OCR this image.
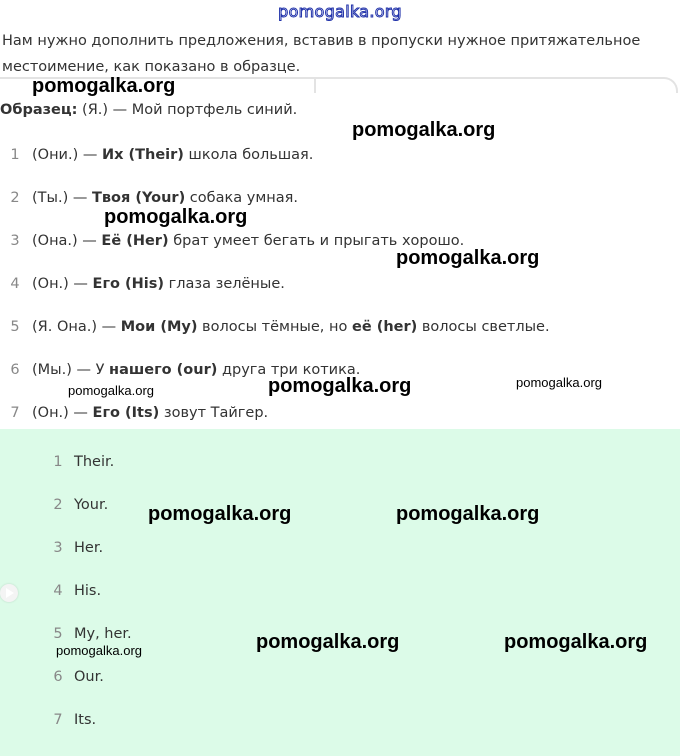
pomogalka.org
Нам нужно дополнить предложения, вставив в пропуски нужное притяжательное местоимение, как показано в образце.
Образец: (Я.) — Мой портфель синий.
1 (Они.) — Их (Their) школа большая.
2 (Ты.) — Твоя (Your) собака умная.
3 (Она.) — Её (Her) брат умеет бегать и прыгать хорошо.
4 (Он.) — Его (His) глаза зелёные.
5 (Я. Она.) — Мои (My) волосы тёмные, но её (her) волосы светлые.
6 (Мы.) — У нашего (our) друга три котика.
7 (Он.) — Его (Its) зовут Тайгер.
1 Their.
2 Your.
3 Her.
4 His.
5 My, her.
6 Our.
7 Its.
pomogalka.org
pomogalka.org
pomogalka.org
pomogalka.org
pomogalka.org	pomogalka.org	pomogalka.org
pomogalka.org	pomogalka.org
pomogalka.org	pomogalka.org
pomogalka.org
